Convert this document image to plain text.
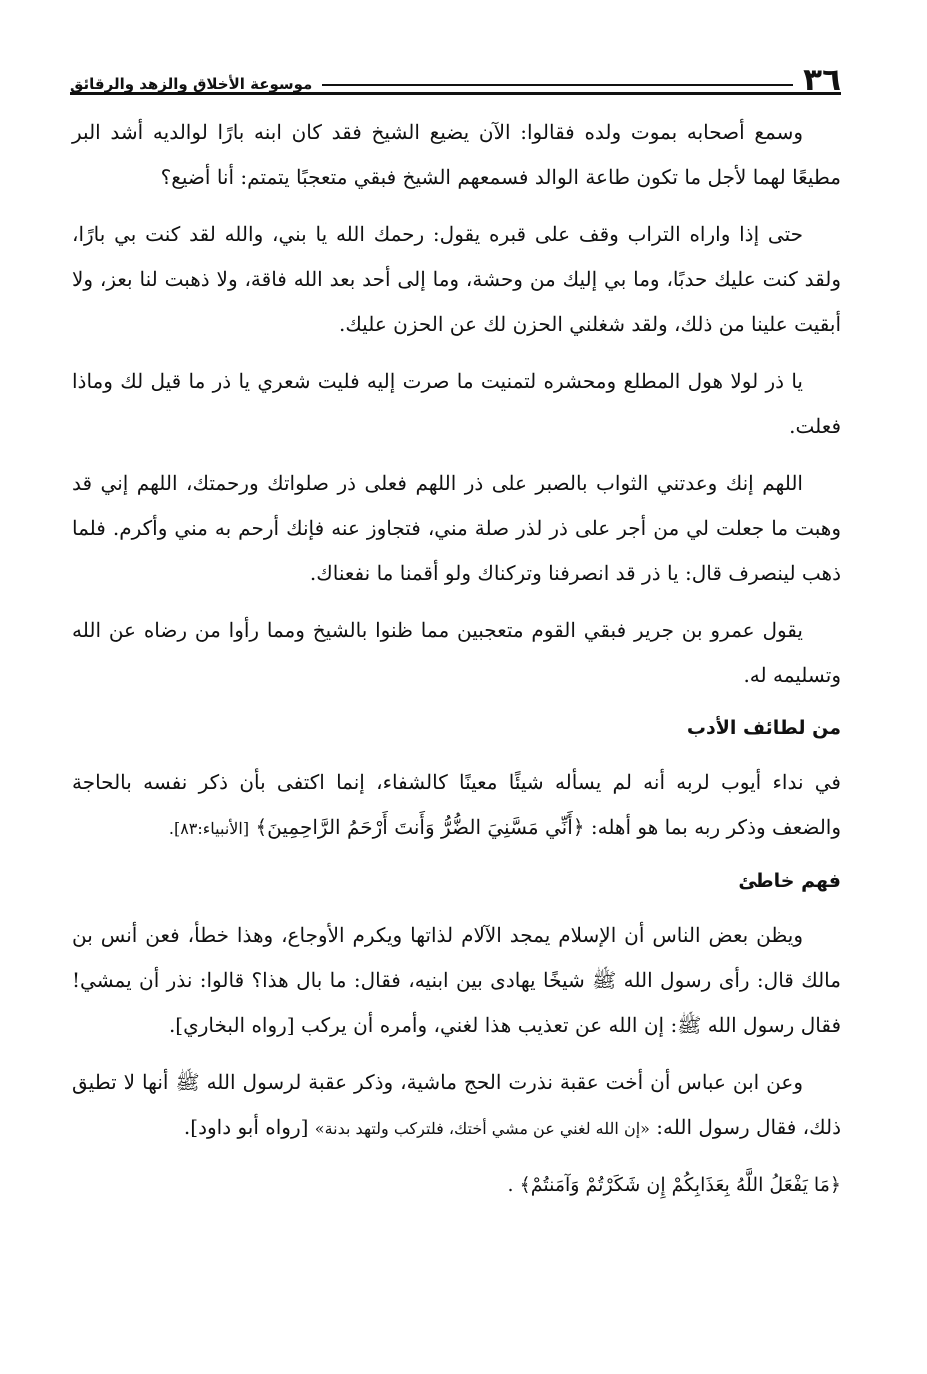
٣٦
موسوعة الأخلاق والزهد والرقائق

وسمع أصحابه بموت ولده فقالوا: الآن يضيع الشيخ فقد كان ابنه بارًا لوالديه أشد البر مطيعًا لهما لأجل ما تكون طاعة الوالد فسمعهم الشيخ فبقي متعجبًا يتمتم: أنا أضيع؟

حتى إذا واراه التراب وقف على قبره يقول: رحمك الله يا بني، والله لقد كنت بي بارًا، ولقد كنت عليك حدبًا، وما بي إليك من وحشة، وما إلى أحد بعد الله فاقة، ولا ذهبت لنا بعز، ولا أبقيت علينا من ذلك، ولقد شغلني الحزن لك عن الحزن عليك.

يا ذر لولا هول المطلع ومحشره لتمنيت ما صرت إليه فليت شعري يا ذر ما قيل لك وماذا فعلت.

اللهم إنك وعدتني الثواب بالصبر على ذر اللهم فعلى ذر صلواتك ورحمتك، اللهم إني قد وهبت ما جعلت لي من أجر على ذر لذر صلة مني، فتجاوز عنه فإنك أرحم به مني وأكرم. فلما ذهب لينصرف قال: يا ذر قد انصرفنا وتركناك ولو أقمنا ما نفعناك.

يقول عمرو بن جرير فبقي القوم متعجبين مما ظنوا بالشيخ ومما رأوا من رضاه عن الله وتسليمه له.

من لطائف الأدب

في نداء أيوب لربه أنه لم يسأله شيئًا معينًا كالشفاء، إنما اكتفى بأن ذكر نفسه بالحاجة والضعف وذكر ربه بما هو أهله: ﴿أَنِّي مَسَّنِيَ الضُّرُّ وَأَنتَ أَرْحَمُ الرَّاحِمِينَ﴾ [الأنبياء:٨٣].

فهم خاطئ

ويظن بعض الناس أن الإسلام يمجد الآلام لذاتها ويكرم الأوجاع، وهذا خطأ، فعن أنس بن مالك قال: رأى رسول الله ﷺ شيخًا يهادى بين ابنيه، فقال: ما بال هذا؟ قالوا: نذر أن يمشي! فقال رسول الله ﷺ: إن الله عن تعذيب هذا لغني، وأمره أن يركب [رواه البخاري].

وعن ابن عباس أن أخت عقبة نذرت الحج ماشية، وذكر عقبة لرسول الله ﷺ أنها لا تطيق ذلك، فقال رسول الله: «إن الله لغني عن مشي أختك، فلتركب ولتهد بدنة» [رواه أبو داود].

﴿مَا يَفْعَلُ اللَّهُ بِعَذَابِكُمْ إِن شَكَرْتُمْ وَآمَنتُمْ﴾ .
